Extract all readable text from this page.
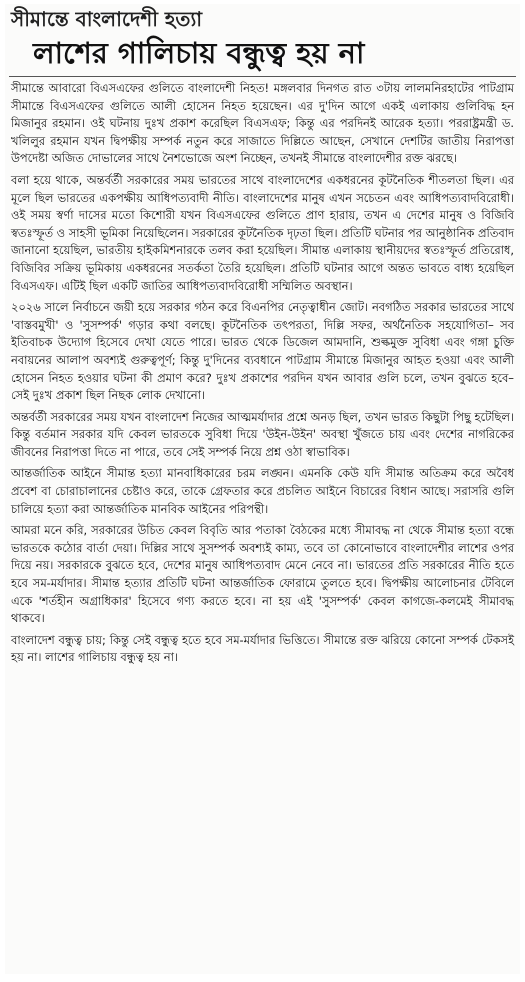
সীমান্তে বাংলাদেশী হত্যা
লাশের গালিচায় বন্ধুত্ব হয় না

সীমান্তে আবারো বিএসএফের গুলিতে বাংলাদেশী নিহত! মঙ্গলবার দিনগত রাত ৩টায় লালমনিরহাটের পাটগ্রাম সীমান্তে বিএসএফের গুলিতে আলী হোসেন নিহত হয়েছেন। এর দু'দিন আগে একই এলাকায় গুলিবিদ্ধ হন মিজানুর রহমান। ওই ঘটনায় দুঃখ প্রকাশ করেছিল বিএসএফ; কিন্তু এর পরদিনই আরেক হত্যা। পররাষ্ট্রমন্ত্রী ড. খলিলুর রহমান যখন দ্বিপক্ষীয় সম্পর্ক নতুন করে সাজাতে দিল্লিতে আছেন, সেখানে দেশটির জাতীয় নিরাপত্তা উপদেষ্টা অজিত দোভালের সাথে নৈশভোজে অংশ নিচ্ছেন, তখনই সীমান্তে বাংলাদেশীর রক্ত ঝরছে।

বলা হয়ে থাকে, অন্তর্বর্তী সরকারের সময় ভারতের সাথে বাংলাদেশের একধরনের কূটনৈতিক শীতলতা ছিল। এর মূলে ছিল ভারতের একপক্ষীয় আধিপত্যবাদী নীতি। বাংলাদেশের মানুষ এখন সচেতন এবং আধিপত্যবাদবিরোধী। ওই সময় স্বর্ণা দাসের মতো কিশোরী যখন বিএসএফের গুলিতে প্রাণ হারায়, তখন এ দেশের মানুষ ও বিজিবি স্বতঃস্ফূর্ত ও সাহসী ভূমিকা নিয়েছিলেন। সরকারের কূটনৈতিক দৃঢ়তা ছিল। প্রতিটি ঘটনার পর আনুষ্ঠানিক প্রতিবাদ জানানো হয়েছিল, ভারতীয় হাইকমিশনারকে তলব করা হয়েছিল। সীমান্ত এলাকায় স্থানীয়দের স্বতঃস্ফূর্ত প্রতিরোধ, বিজিবির সক্রিয় ভূমিকায় একধরনের সতর্কতা তৈরি হয়েছিল। প্রতিটি ঘটনার আগে অন্তত ভাবতে বাধ্য হয়েছিল বিএসএফ। এটিই ছিল একটি জাতির আধিপত্যবাদবিরোধী সম্মিলিত অবস্থান।

২০২৬ সালে নির্বাচনে জয়ী হয়ে সরকার গঠন করে বিএনপির নেতৃত্বাধীন জোট। নবগঠিত সরকার ভারতের সাথে 'বাস্তবমুখী' ও 'সুসম্পর্ক' গড়ার কথা বলছে। কূটনৈতিক তৎপরতা, দিল্লি সফর, অর্থনৈতিক সহযোগিতা– সব ইতিবাচক উদ্যোগ হিসেবে দেখা যেতে পারে। ভারত থেকে ডিজেল আমদানি, শুল্কমুক্ত সুবিধা এবং গঙ্গা চুক্তি নবায়নের আলাপ অবশ্যই গুরুত্বপূর্ণ; কিন্তু দু'দিনের ব্যবধানে পাটগ্রাম সীমান্তে মিজানুর আহত হওয়া এবং আলী হোসেন নিহত হওয়ার ঘটনা কী প্রমাণ করে? দুঃখ প্রকাশের পরদিন যখন আবার গুলি চলে, তখন বুঝতে হবে– সেই দুঃখ প্রকাশ ছিল নিছক লোক দেখানো।

অন্তর্বর্তী সরকারের সময় যখন বাংলাদেশ নিজের আত্মমর্যাদার প্রশ্নে অনড় ছিল, তখন ভারত কিছুটা পিছু হটেছিল। কিন্তু বর্তমান সরকার যদি কেবল ভারতকে সুবিধা দিয়ে 'উইন-উইন' অবস্থা খুঁজতে চায় এবং দেশের নাগরিকের জীবনের নিরাপত্তা দিতে না পারে, তবে সেই সম্পর্ক নিয়ে প্রশ্ন ওঠা স্বাভাবিক।

আন্তর্জাতিক আইনে সীমান্ত হত্যা মানবাধিকারের চরম লঙ্ঘন। এমনকি কেউ যদি সীমান্ত অতিক্রম করে অবৈধ প্রবেশ বা চোরাচালানের চেষ্টাও করে, তাকে গ্রেফতার করে প্রচলিত আইনে বিচারের বিধান আছে। সরাসরি গুলি চালিয়ে হত্যা করা আন্তর্জাতিক মানবিক আইনের পরিপন্থী।

আমরা মনে করি, সরকারের উচিত কেবল বিবৃতি আর পতাকা বৈঠকের মধ্যে সীমাবদ্ধ না থেকে সীমান্ত হত্যা বন্ধে ভারতকে কঠোর বার্তা দেয়া। দিল্লির সাথে সুসম্পর্ক অবশ্যই কাম্য, তবে তা কোনোভাবে বাংলাদেশীর লাশের ওপর দিয়ে নয়। সরকারকে বুঝতে হবে, দেশের মানুষ আধিপত্যবাদ মেনে নেবে না। ভারতের প্রতি সরকারের নীতি হতে হবে সম-মর্যাদার। সীমান্ত হত্যার প্রতিটি ঘটনা আন্তর্জাতিক ফোরামে তুলতে হবে। দ্বিপক্ষীয় আলোচনার টেবিলে একে 'শর্তহীন অগ্রাধিকার' হিসেবে গণ্য করতে হবে। না হয় এই 'সুসম্পর্ক' কেবল কাগজে-কলমেই সীমাবদ্ধ থাকবে।

বাংলাদেশ বন্ধুত্ব চায়; কিন্তু সেই বন্ধুত্ব হতে হবে সম-মর্যাদার ভিত্তিতে। সীমান্তে রক্ত ঝরিয়ে কোনো সম্পর্ক টেকসই হয় না। লাশের গালিচায় বন্ধুত্ব হয় না।
